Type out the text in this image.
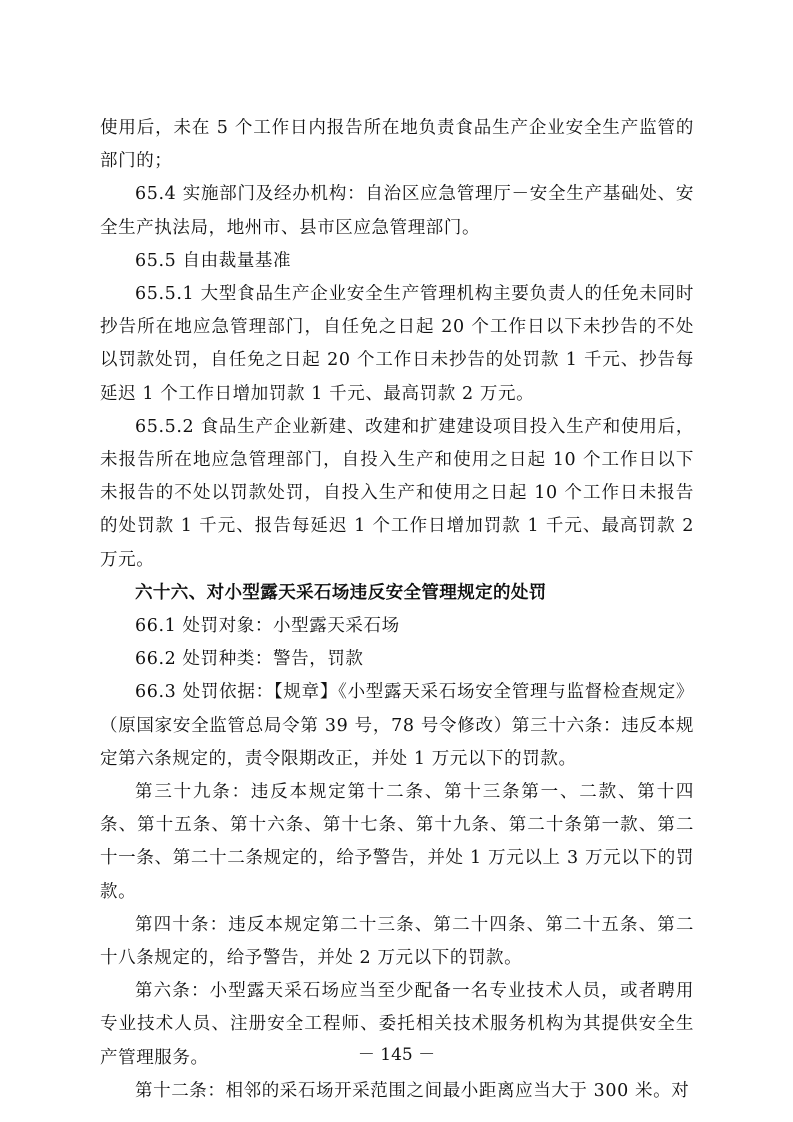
使用后，未在 5 个工作日内报告所在地负责食品生产企业安全生产监管的部门的；

65.4 实施部门及经办机构：自治区应急管理厅－安全生产基础处、安全生产执法局，地州市、县市区应急管理部门。

65.5 自由裁量基准

65.5.1 大型食品生产企业安全生产管理机构主要负责人的任免未同时抄告所在地应急管理部门，自任免之日起 20 个工作日以下未抄告的不处以罚款处罚，自任免之日起 20 个工作日未抄告的处罚款 1 千元、抄告每延迟 1 个工作日增加罚款 1 千元、最高罚款 2 万元。

65.5.2 食品生产企业新建、改建和扩建建设项目投入生产和使用后，未报告所在地应急管理部门，自投入生产和使用之日起 10 个工作日以下未报告的不处以罚款处罚，自投入生产和使用之日起 10 个工作日未报告的处罚款 1 千元、报告每延迟 1 个工作日增加罚款 1 千元、最高罚款 2 万元。

六十六、对小型露天采石场违反安全管理规定的处罚

66.1 处罚对象：小型露天采石场

66.2 处罚种类：警告，罚款

66.3 处罚依据：【规章】《小型露天采石场安全管理与监督检查规定》（原国家安全监管总局令第 39 号，78 号令修改）第三十六条：违反本规定第六条规定的，责令限期改正，并处 1 万元以下的罚款。

第三十九条：违反本规定第十二条、第十三条第一、二款、第十四条、第十五条、第十六条、第十七条、第十九条、第二十条第一款、第二十一条、第二十二条规定的，给予警告，并处 1 万元以上 3 万元以下的罚款。

第四十条：违反本规定第二十三条、第二十四条、第二十五条、第二十八条规定的，给予警告，并处 2 万元以下的罚款。

第六条：小型露天采石场应当至少配备一名专业技术人员，或者聘用专业技术人员、注册安全工程师、委托相关技术服务机构为其提供安全生产管理服务。

第十二条：相邻的采石场开采范围之间最小距离应当大于 300 米。对

－ 145 －
